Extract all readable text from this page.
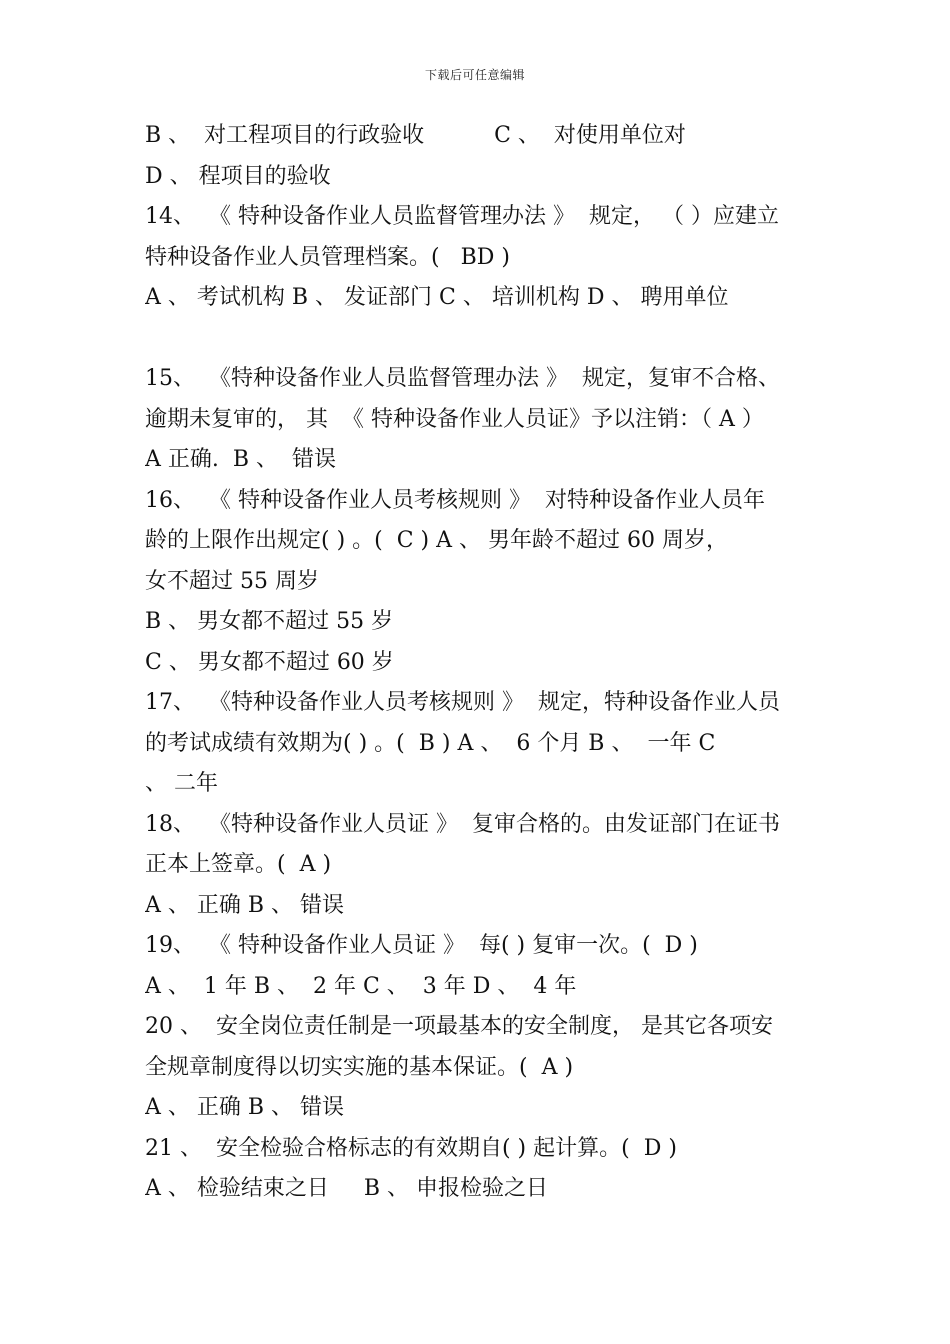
下载后可任意编辑
B 、  对工程项目的行政验收          C 、  对使用单位对
D 、 程项目的验收
14、  《 特种设备作业人员监督管理办法 》  规定， （ ）应建立
特种设备作业人员管理档案。(   BD )
A 、 考试机构 B 、 发证部门 C 、 培训机构 D 、 聘用单位
15、  《特种设备作业人员监督管理办法 》  规定，复审不合格、
逾期未复审的， 其  《 特种设备作业人员证》予以注销：（ A ）
A 正确.  B 、  错误
16、  《 特种设备作业人员考核规则 》  对特种设备作业人员年
龄的上限作出规定( ) 。(  C ) A 、 男年龄不超过 60 周岁，
女不超过 55 周岁
B 、 男女都不超过 55 岁
C 、 男女都不超过 60 岁
17、  《特种设备作业人员考核规则 》  规定，特种设备作业人员
的考试成绩有效期为( ) 。(  B ) A 、  6 个月 B 、  一年 C
、 二年
18、  《特种设备作业人员证 》  复审合格的。由发证部门在证书
正本上签章。(  A )
A 、 正确 B 、 错误
19、  《 特种设备作业人员证 》  每( ) 复审一次。(  D )
A 、  1 年 B 、  2 年 C 、  3 年 D 、  4 年
20 、  安全岗位责任制是一项最基本的安全制度， 是其它各项安
全规章制度得以切实实施的基本保证。(  A )
A 、 正确 B 、 错误
21 、  安全检验合格标志的有效期自( ) 起计算。(  D )
A 、 检验结束之日     B 、 申报检验之日
